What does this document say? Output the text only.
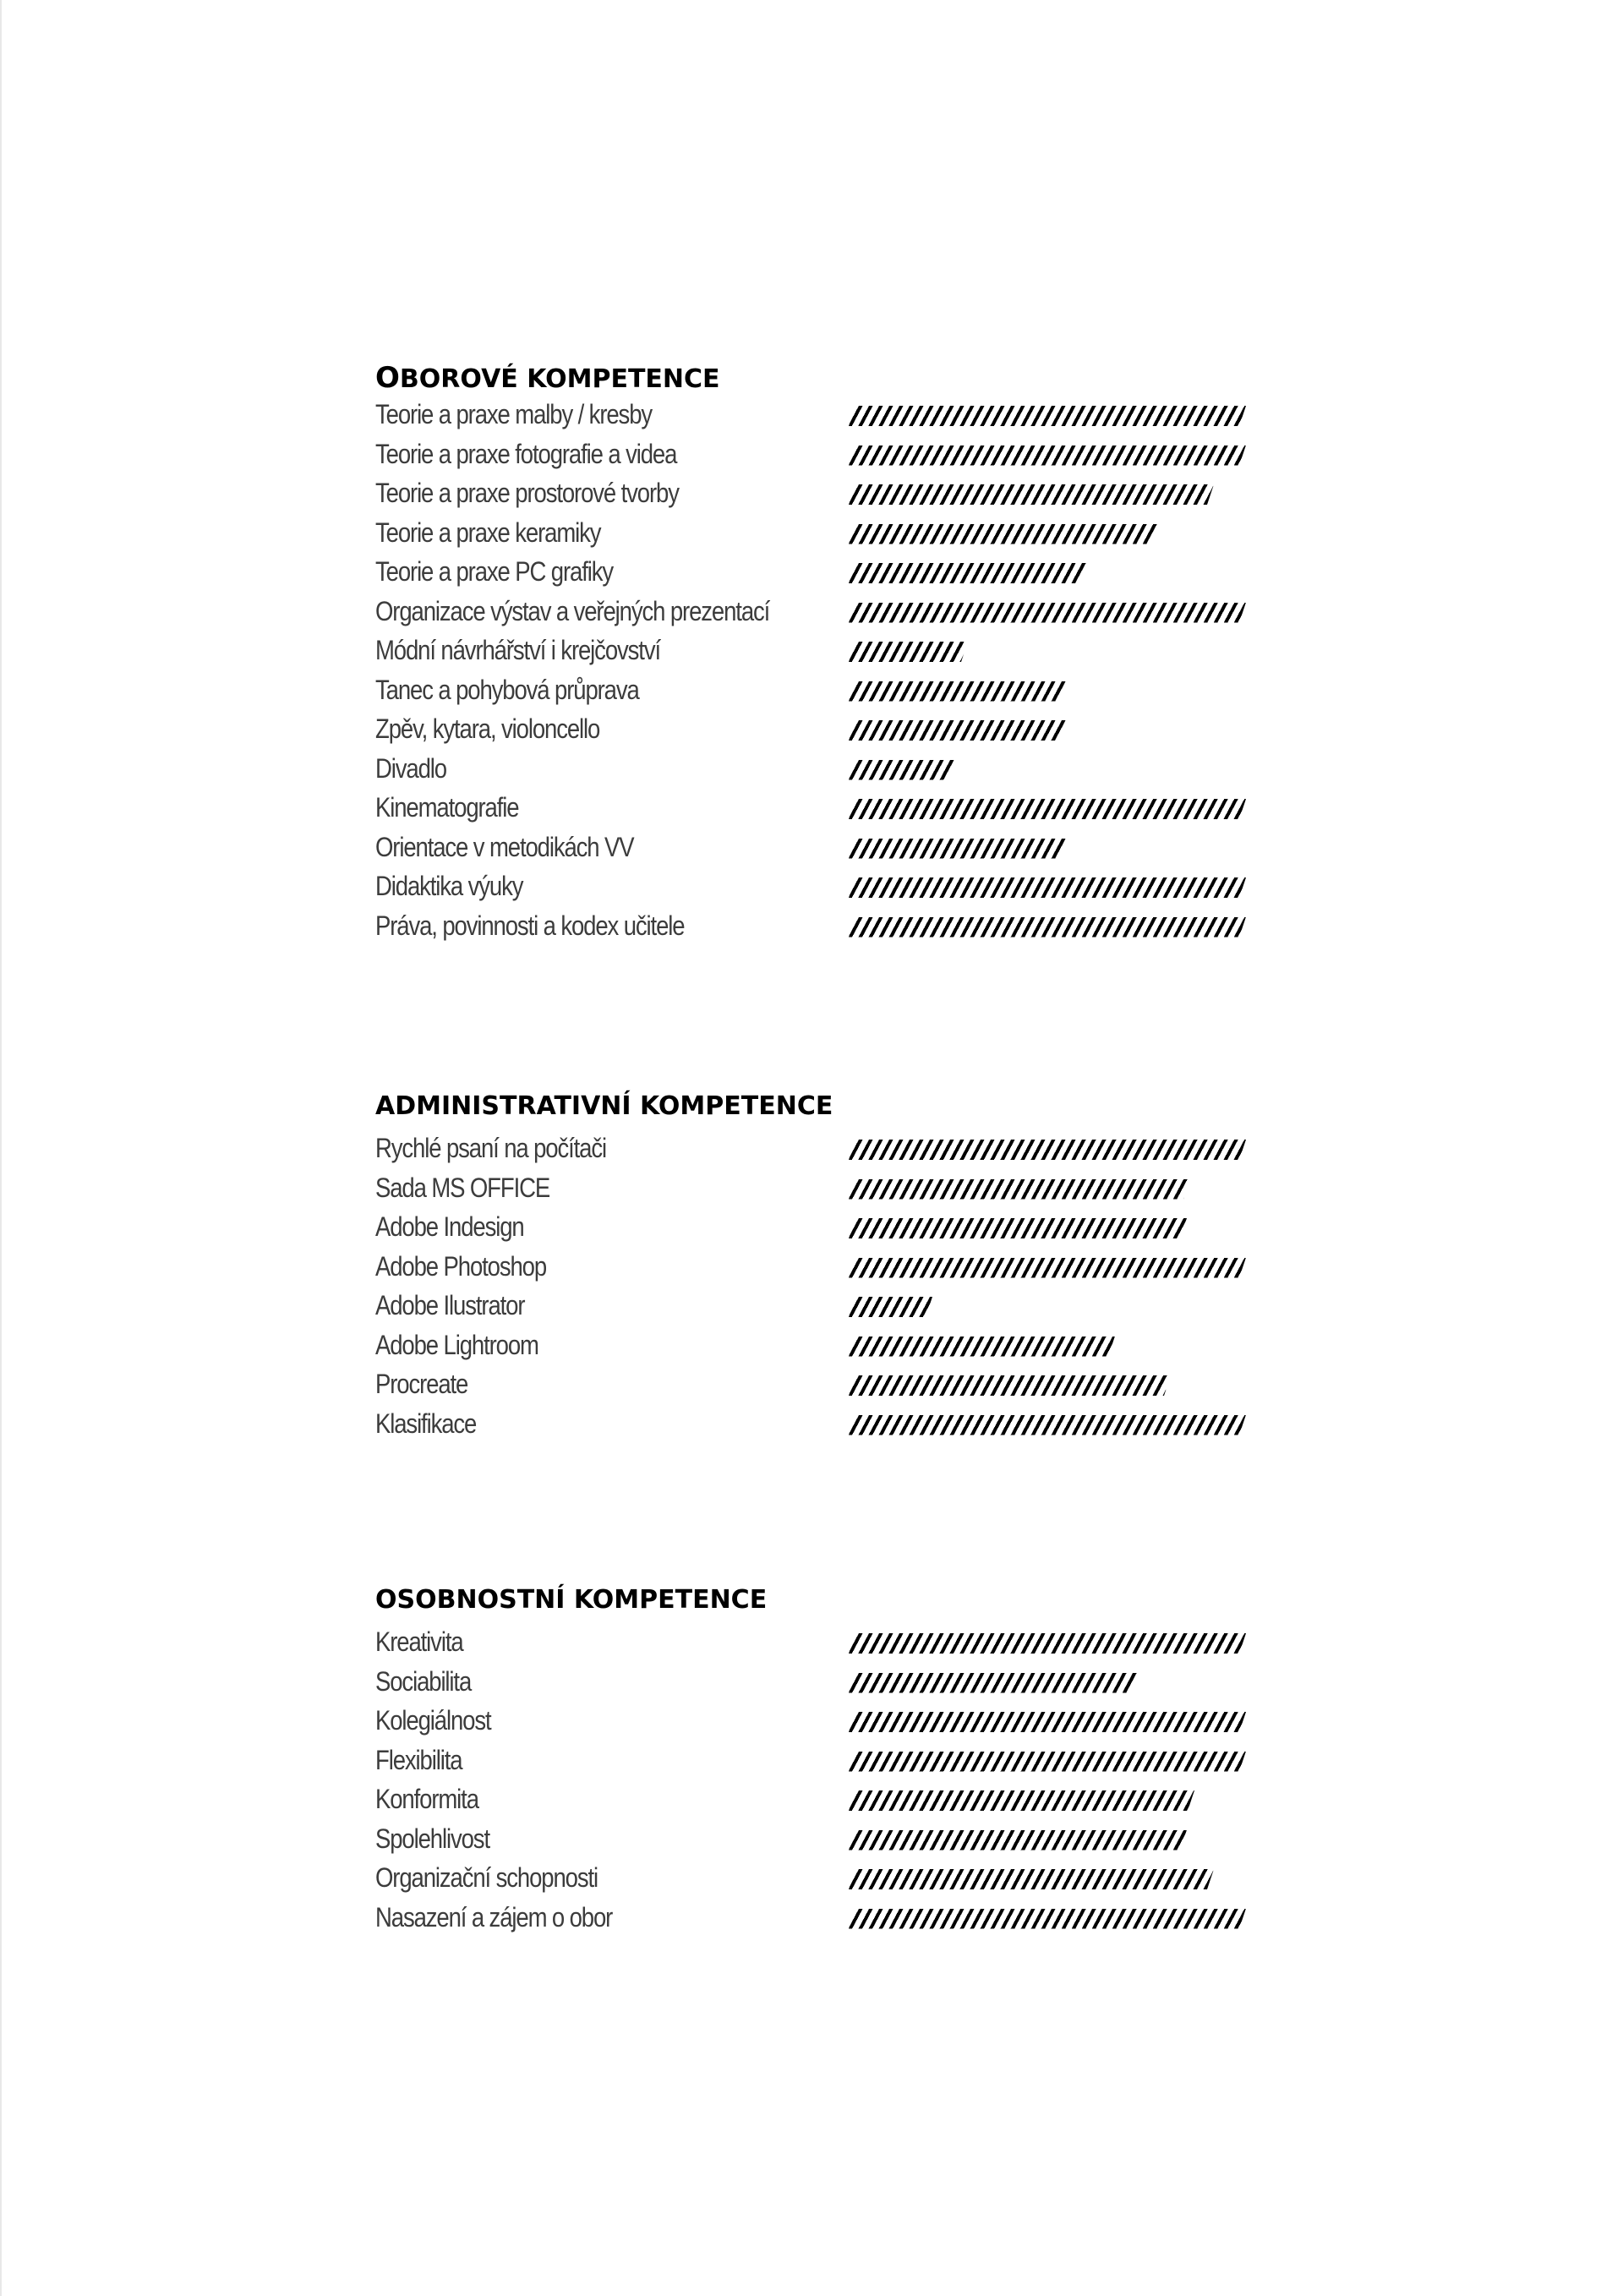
OBOROVÉ KOMPETENCE
Teorie a praxe malby / kresby
Teorie a praxe fotografie a videa
Teorie a praxe prostorové tvorby
Teorie a praxe keramiky
Teorie a praxe PC grafiky
Organizace výstav a veřejných prezentací
Módní návrhářství i krejčovství
Tanec a pohybová průprava
Zpěv, kytara, violoncello
Divadlo
Kinematografie
Orientace v metodikách VV
Didaktika výuky
Práva, povinnosti a kodex učitele
ADMINISTRATIVNÍ KOMPETENCE
Rychlé psaní na počítači
Sada MS OFFICE
Adobe Indesign
Adobe Photoshop
Adobe Ilustrator
Adobe Lightroom
Procreate
Klasifikace
OSOBNOSTNÍ KOMPETENCE
Kreativita
Sociabilita
Kolegiálnost
Flexibilita
Konformita
Spolehlivost
Organizační schopnosti
Nasazení a zájem o obor
